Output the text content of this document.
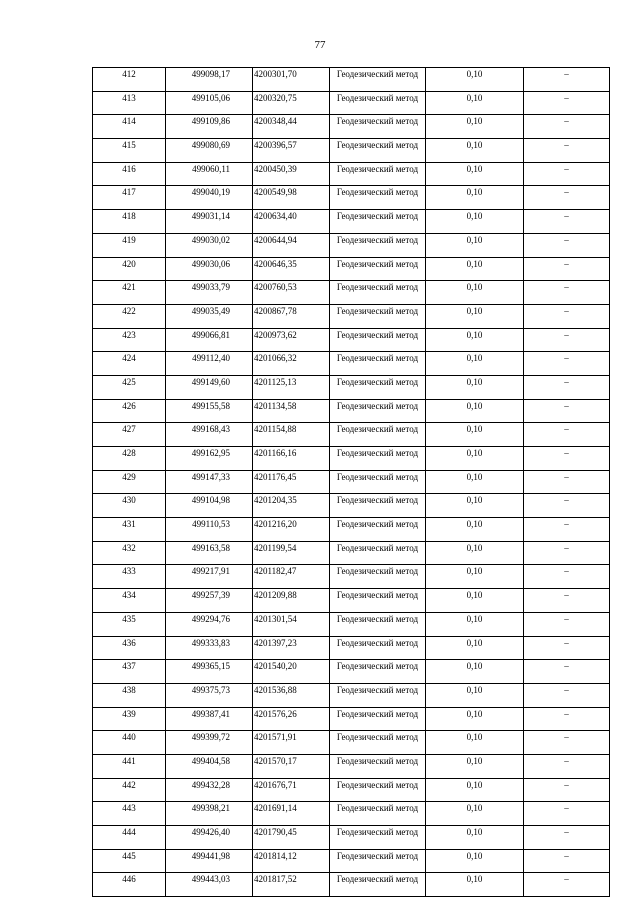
77
412	499098,17	4200301,70	Геодезический метод	0,10	–
413	499105,06	4200320,75	Геодезический метод	0,10	–
414	499109,86	4200348,44	Геодезический метод	0,10	–
415	499080,69	4200396,57	Геодезический метод	0,10	–
416	499060,11	4200450,39	Геодезический метод	0,10	–
417	499040,19	4200549,98	Геодезический метод	0,10	–
418	499031,14	4200634,40	Геодезический метод	0,10	–
419	499030,02	4200644,94	Геодезический метод	0,10	–
420	499030,06	4200646,35	Геодезический метод	0,10	–
421	499033,79	4200760,53	Геодезический метод	0,10	–
422	499035,49	4200867,78	Геодезический метод	0,10	–
423	499066,81	4200973,62	Геодезический метод	0,10	–
424	499112,40	4201066,32	Геодезический метод	0,10	–
425	499149,60	4201125,13	Геодезический метод	0,10	–
426	499155,58	4201134,58	Геодезический метод	0,10	–
427	499168,43	4201154,88	Геодезический метод	0,10	–
428	499162,95	4201166,16	Геодезический метод	0,10	–
429	499147,33	4201176,45	Геодезический метод	0,10	–
430	499104,98	4201204,35	Геодезический метод	0,10	–
431	499110,53	4201216,20	Геодезический метод	0,10	–
432	499163,58	4201199,54	Геодезический метод	0,10	–
433	499217,91	4201182,47	Геодезический метод	0,10	–
434	499257,39	4201209,88	Геодезический метод	0,10	–
435	499294,76	4201301,54	Геодезический метод	0,10	–
436	499333,83	4201397,23	Геодезический метод	0,10	–
437	499365,15	4201540,20	Геодезический метод	0,10	–
438	499375,73	4201536,88	Геодезический метод	0,10	–
439	499387,41	4201576,26	Геодезический метод	0,10	–
440	499399,72	4201571,91	Геодезический метод	0,10	–
441	499404,58	4201570,17	Геодезический метод	0,10	–
442	499432,28	4201676,71	Геодезический метод	0,10	–
443	499398,21	4201691,14	Геодезический метод	0,10	–
444	499426,40	4201790,45	Геодезический метод	0,10	–
445	499441,98	4201814,12	Геодезический метод	0,10	–
446	499443,03	4201817,52	Геодезический метод	0,10	–
